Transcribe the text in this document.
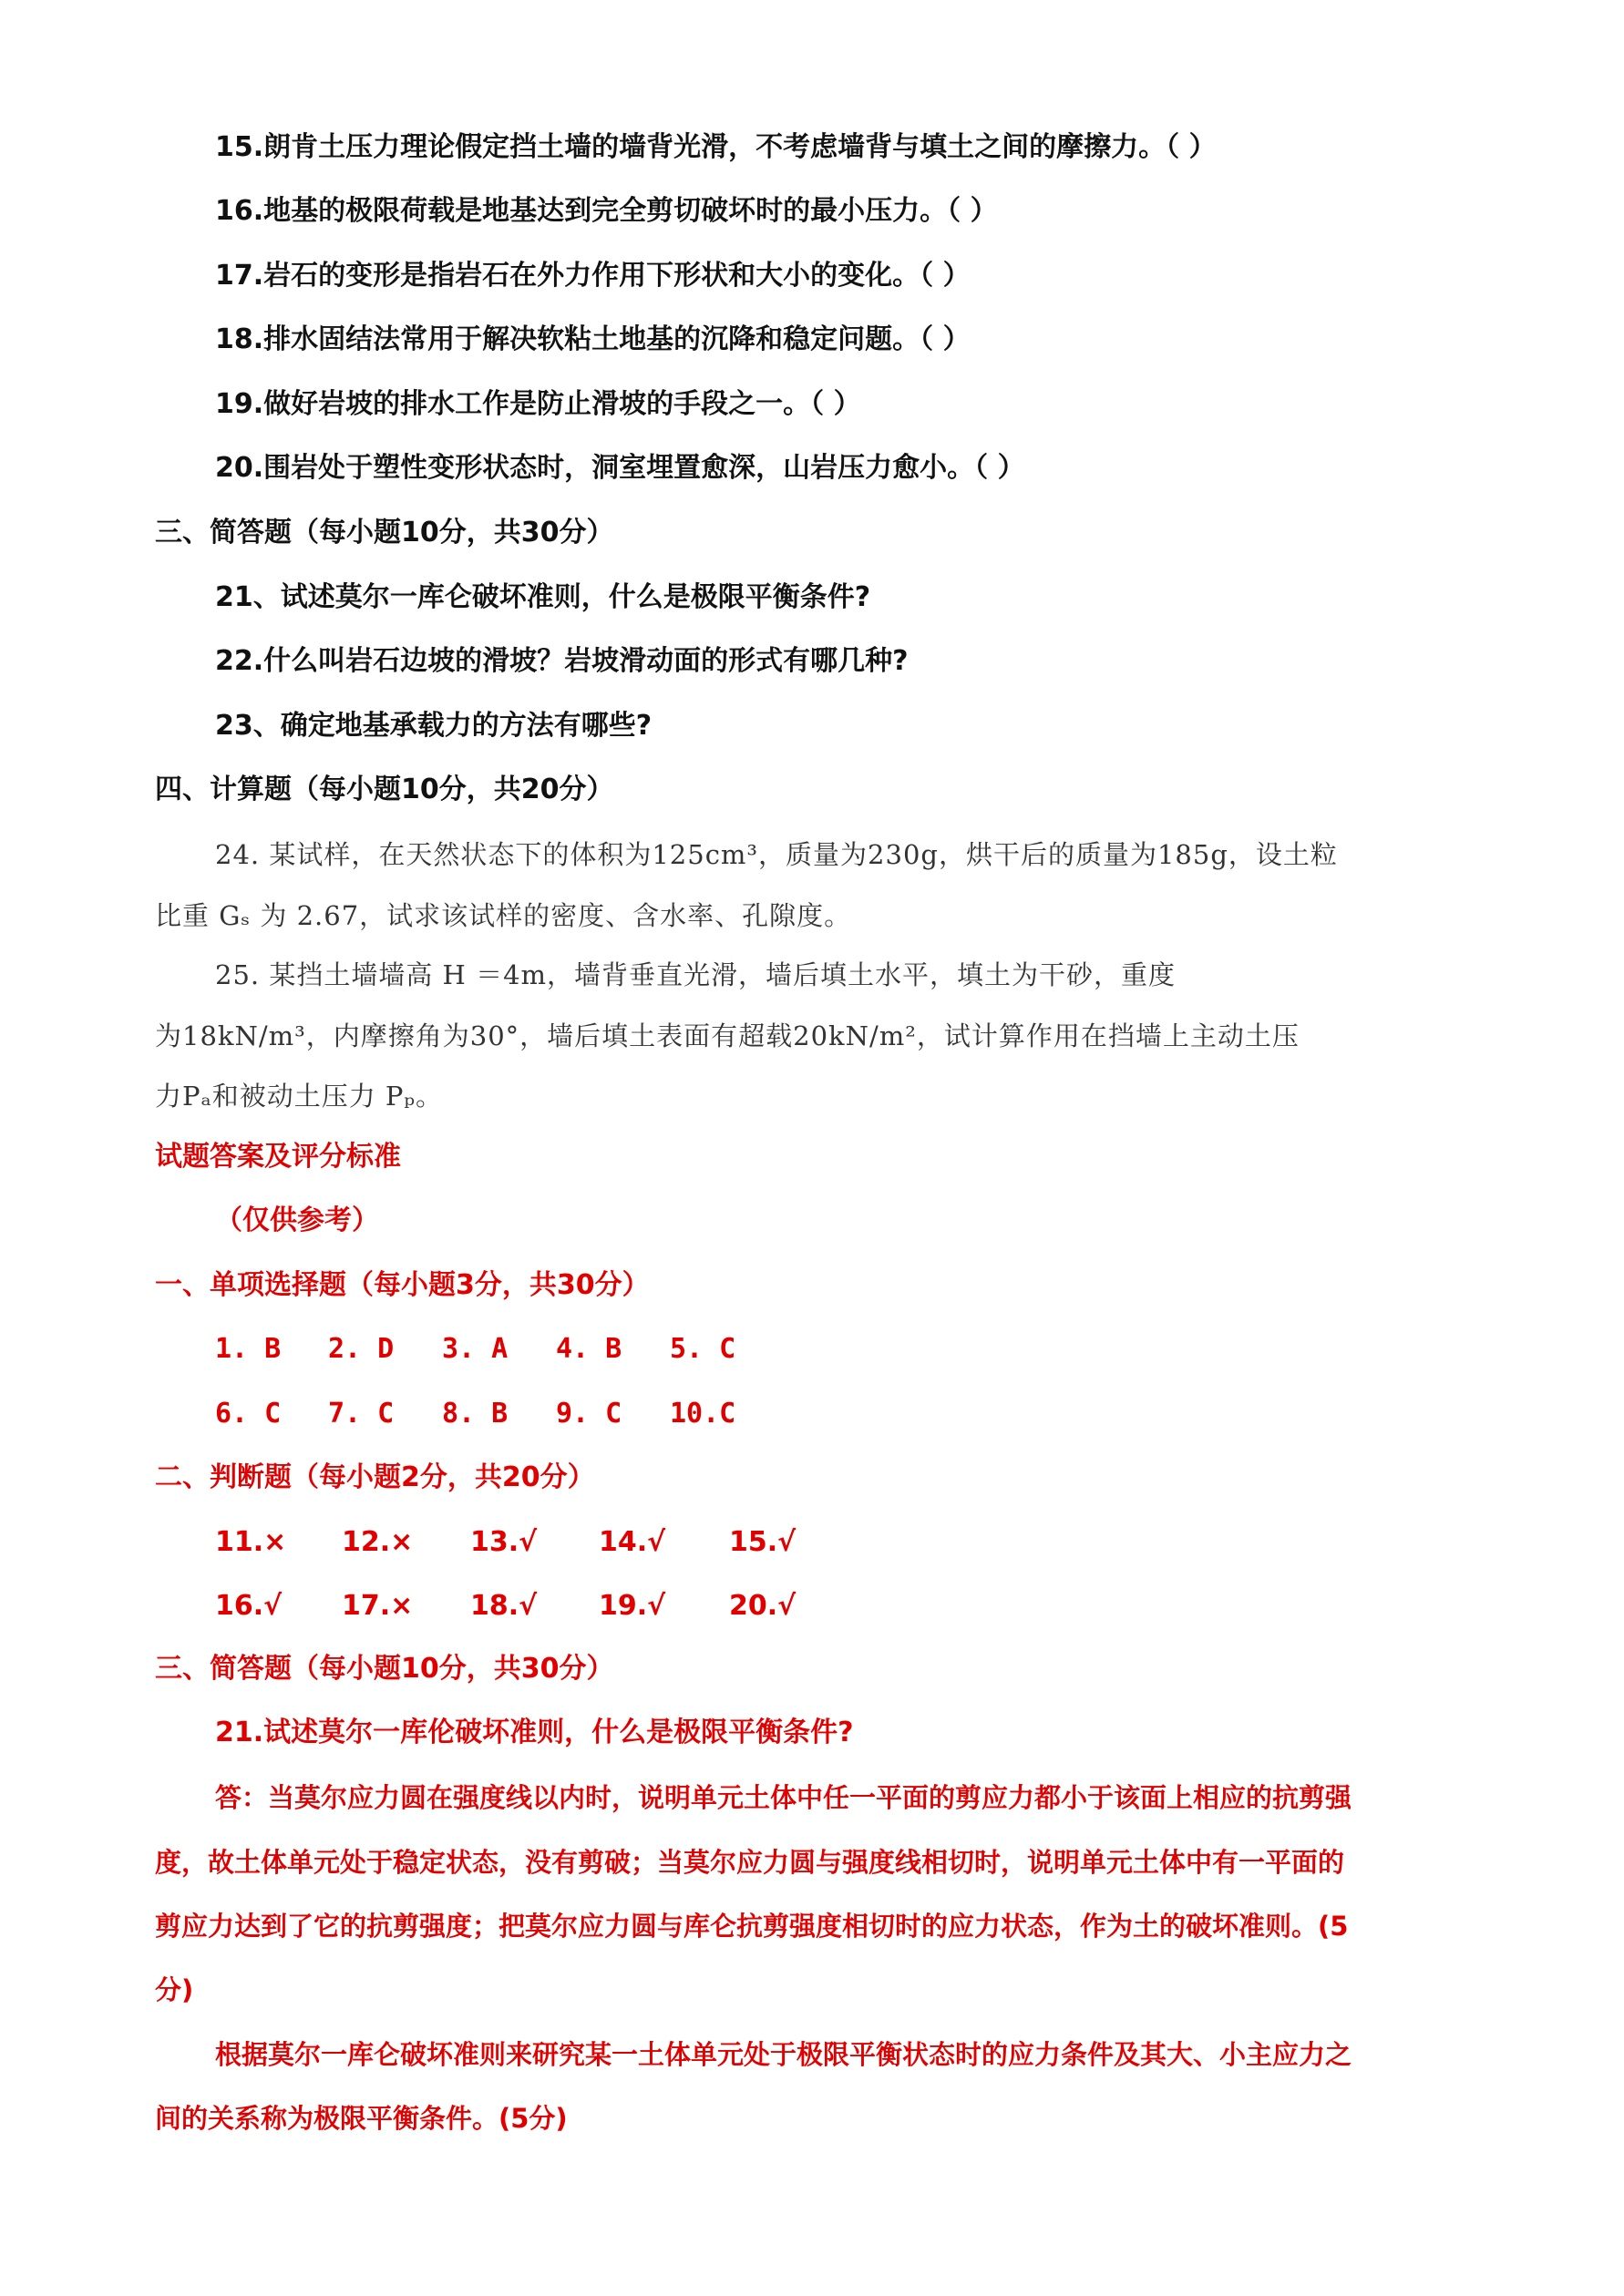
15.朗肯土压力理论假定挡土墙的墙背光滑，不考虑墙背与填土之间的摩擦力。（ ）
16.地基的极限荷载是地基达到完全剪切破坏时的最小压力。（ ）
17.岩石的变形是指岩石在外力作用下形状和大小的变化。（ ）
18.排水固结法常用于解决软粘土地基的沉降和稳定问题。（ ）
19.做好岩坡的排水工作是防止滑坡的手段之一。（ ）
20.围岩处于塑性变形状态时，洞室埋置愈深，山岩压力愈小。（ ）
三、简答题（每小题10分，共30分）
21、试述莫尔一库仑破坏准则，什么是极限平衡条件?
22.什么叫岩石边坡的滑坡？岩坡滑动面的形式有哪几种?
23、确定地基承载力的方法有哪些?
四、计算题（每小题10分，共20分）
24. 某试样，在天然状态下的体积为125cm³，质量为230g，烘干后的质量为185g，设土粒
比重 Gₛ 为 2.67，试求该试样的密度、含水率、孔隙度。
25. 某挡土墙墙高 H ＝4m，墙背垂直光滑，墙后填土水平，填土为干砂，重度
为18kN/m³，内摩擦角为30°，墙后填土表面有超载20kN/m²，试计算作用在挡墙上主动土压
力Pₐ和被动土压力 Pₚ。
试题答案及评分标准
（仅供参考）
一、单项选择题（每小题3分，共30分）
1. B 2. D 3. A 4. B 5. C
6. C 7. C 8. B 9. C 10.C
二、判断题（每小题2分，共20分）
11.× 12.× 13.√ 14.√ 15.√
16.√ 17.× 18.√ 19.√ 20.√
三、简答题（每小题10分，共30分）
21.试述莫尔一库伦破坏准则，什么是极限平衡条件?
答：当莫尔应力圆在强度线以内时，说明单元土体中任一平面的剪应力都小于该面上相应的抗剪强
度，故土体单元处于稳定状态，没有剪破；当莫尔应力圆与强度线相切时，说明单元土体中有一平面的
剪应力达到了它的抗剪强度；把莫尔应力圆与库仑抗剪强度相切时的应力状态，作为土的破坏准则。(5
分)
根据莫尔一库仑破坏准则来研究某一土体单元处于极限平衡状态时的应力条件及其大、小主应力之
间的关系称为极限平衡条件。(5分)
